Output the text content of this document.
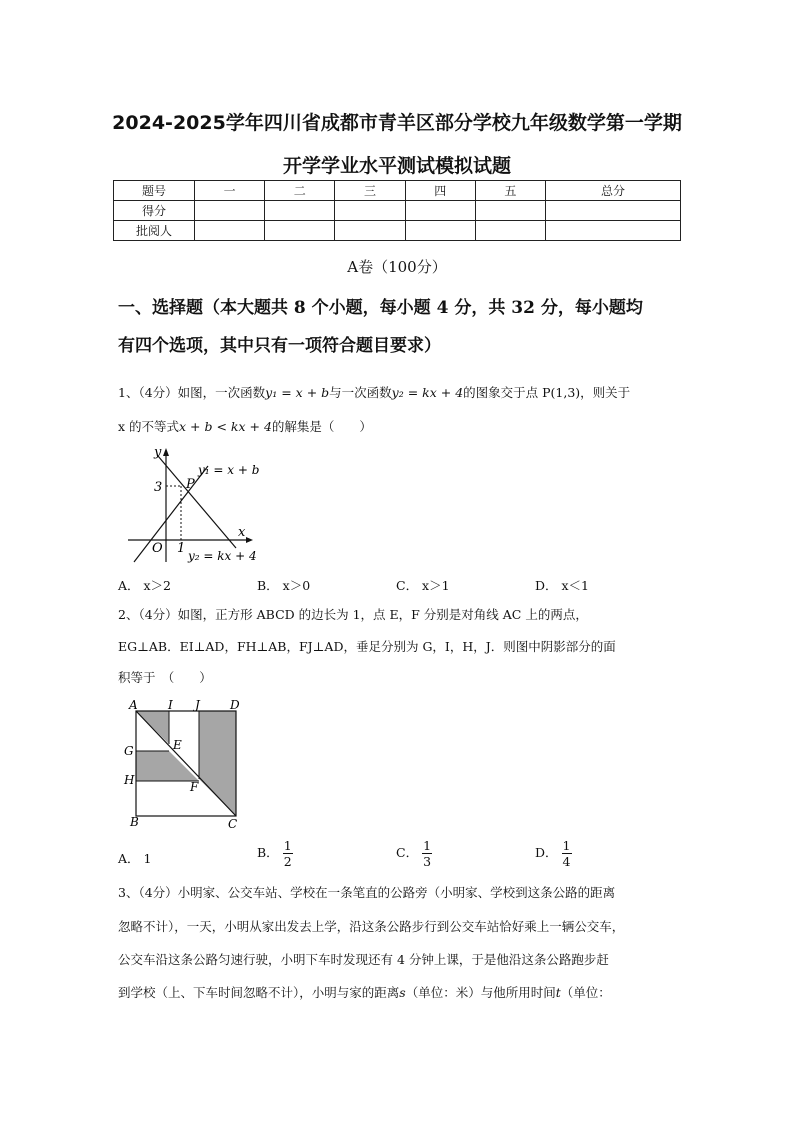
2024-2025学年四川省成都市青羊区部分学校九年级数学第一学期
开学学业水平测试模拟试题
题号	一	二	三	四	五	总分
得分						
批阅人						
A卷（100分）
一、选择题（本大题共 8 个小题，每小题 4 分，共 32 分，每小题均
有四个选项，其中只有一项符合题目要求）
1、（4分）如图，一次函数y₁ = x + b与一次函数y₂ = kx + 4的图象交于点 P(1,3)，则关于
x 的不等式x + b < kx + 4的解集是（　　）
y
x
3 P
O 1
y₁ = x + b
y₂ = kx + 4
A． x＞2	B． x＞0	C． x＞1	D． x＜1
2、（4分）如图，正方形 ABCD 的边长为 1，点 E，F 分别是对角线 AC 上的两点，
EG⊥AB．EI⊥AD，FH⊥AB，FJ⊥AD，垂足分别为 G，I，H，J．则图中阴影部分的面
积等于　（　　）
A	I J	D
G	E
H	F
B	C
A． 1	B． $\frac{1}{2}$	C． $\frac{1}{3}$	D． $\frac{1}{4}$
3、（4分）小明家、公交车站、学校在一条笔直的公路旁（小明家、学校到这条公路的距离
忽略不计），一天，小明从家出发去上学，沿这条公路步行到公交车站恰好乘上一辆公交车，
公交车沿这条公路匀速行驶，小明下车时发现还有 4 分钟上课，于是他沿这条公路跑步赶
到学校（上、下车时间忽略不计），小明与家的距离s（单位：米）与他所用时间t（单位：
